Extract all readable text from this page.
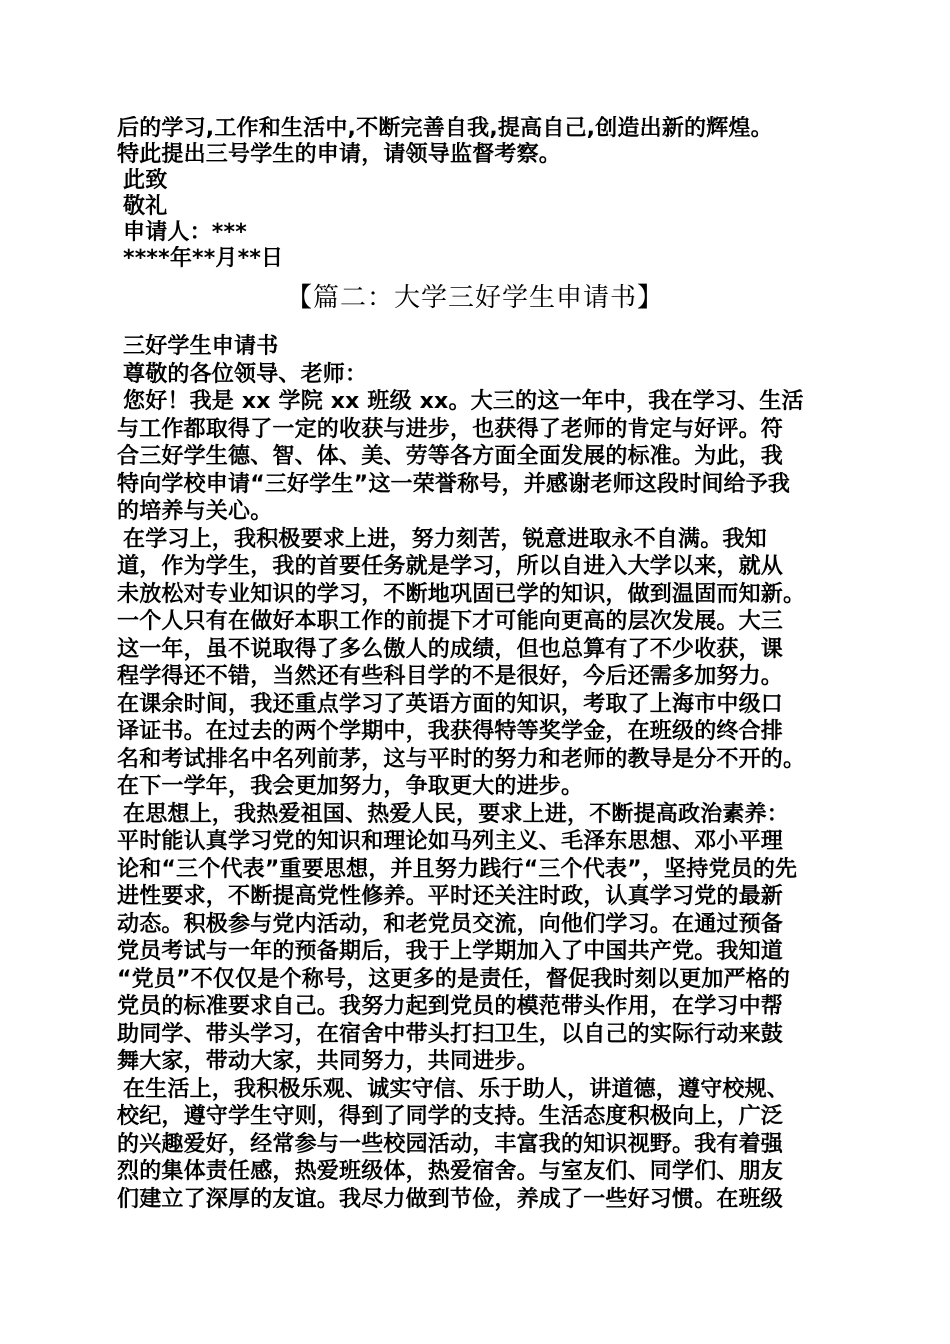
后的学习,工作和生活中,不断完善自我,提高自己,创造出新的辉煌。
特此提出三号学生的申请，请领导监督考察。
此致
敬礼
申请人：***
****年**月**日
【篇二：大学三好学生申请书】
三好学生申请书
尊敬的各位领导、老师：
您好！我是 xx 学院 xx 班级 xx。大三的这一年中，我在学习、生活
与工作都取得了一定的收获与进步，也获得了老师的肯定与好评。符
合三好学生德、智、体、美、劳等各方面全面发展的标准。为此，我
特向学校申请“三好学生”这一荣誉称号，并感谢老师这段时间给予我
的培养与关心。
在学习上，我积极要求上进，努力刻苦，锐意进取永不自满。我知
道，作为学生，我的首要任务就是学习，所以自进入大学以来，就从
未放松对专业知识的学习，不断地巩固已学的知识，做到温固而知新。
一个人只有在做好本职工作的前提下才可能向更高的层次发展。大三
这一年，虽不说取得了多么傲人的成绩，但也总算有了不少收获，课
程学得还不错，当然还有些科目学的不是很好，今后还需多加努力。
在课余时间，我还重点学习了英语方面的知识，考取了上海市中级口
译证书。在过去的两个学期中，我获得特等奖学金，在班级的终合排
名和考试排名中名列前茅，这与平时的努力和老师的教导是分不开的。
在下一学年，我会更加努力，争取更大的进步。
在思想上，我热爱祖国、热爱人民，要求上进，不断提高政治素养：
平时能认真学习党的知识和理论如马列主义、毛泽东思想、邓小平理
论和“三个代表”重要思想，并且努力践行“三个代表”，坚持党员的先
进性要求，不断提高党性修养。平时还关注时政，认真学习党的最新
动态。积极参与党内活动，和老党员交流，向他们学习。在通过预备
党员考试与一年的预备期后，我于上学期加入了中国共产党。我知道
“党员”不仅仅是个称号，这更多的是责任，督促我时刻以更加严格的
党员的标准要求自己。我努力起到党员的模范带头作用，在学习中帮
助同学、带头学习，在宿舍中带头打扫卫生，以自己的实际行动来鼓
舞大家，带动大家，共同努力，共同进步。
在生活上，我积极乐观、诚实守信、乐于助人，讲道德，遵守校规、
校纪，遵守学生守则，得到了同学的支持。生活态度积极向上，广泛
的兴趣爱好，经常参与一些校园活动，丰富我的知识视野。我有着强
烈的集体责任感，热爱班级体，热爱宿舍。与室友们、同学们、朋友
们建立了深厚的友谊。我尽力做到节俭，养成了一些好习惯。在班级
